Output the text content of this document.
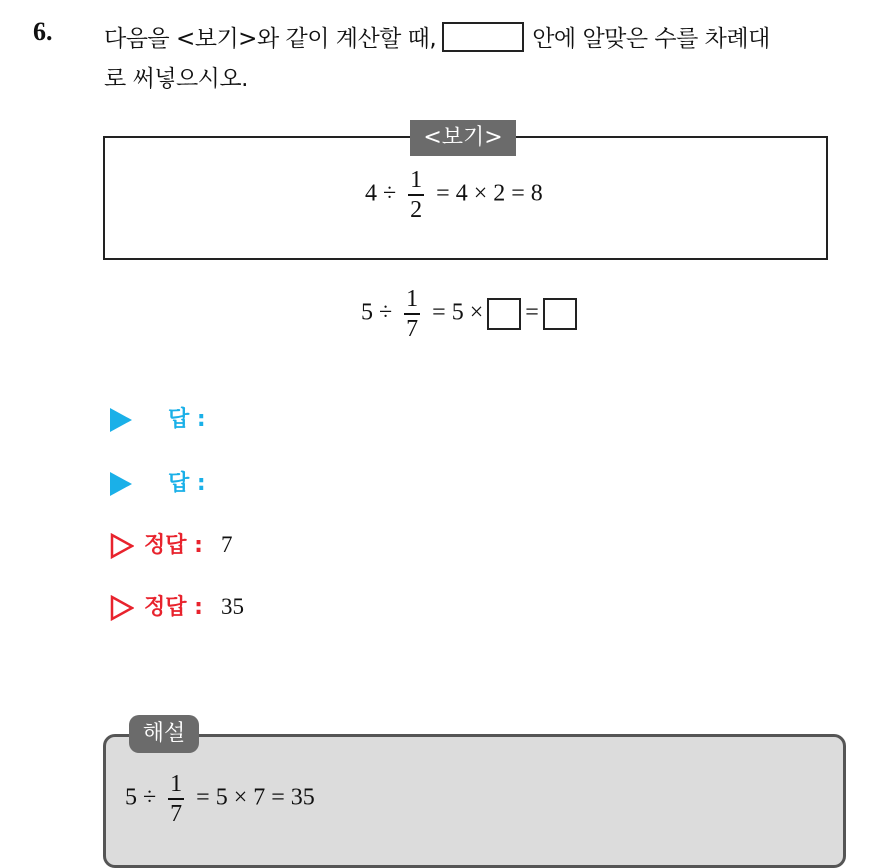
6. 다음을 <보기>와 같이 계산할 때,	안에 알맞은 수를 차례대
로 써넣으시오.
<보기>
$4 \div \frac{1}{2} = 4 \times 2 = 8$
$5 \div \frac{1}{7} = 5$ × =
답 :
답 :
정답 : 7
정답 : 35
해설
$5 \div \frac{1}{7} = 5 \times 7 = 35$
